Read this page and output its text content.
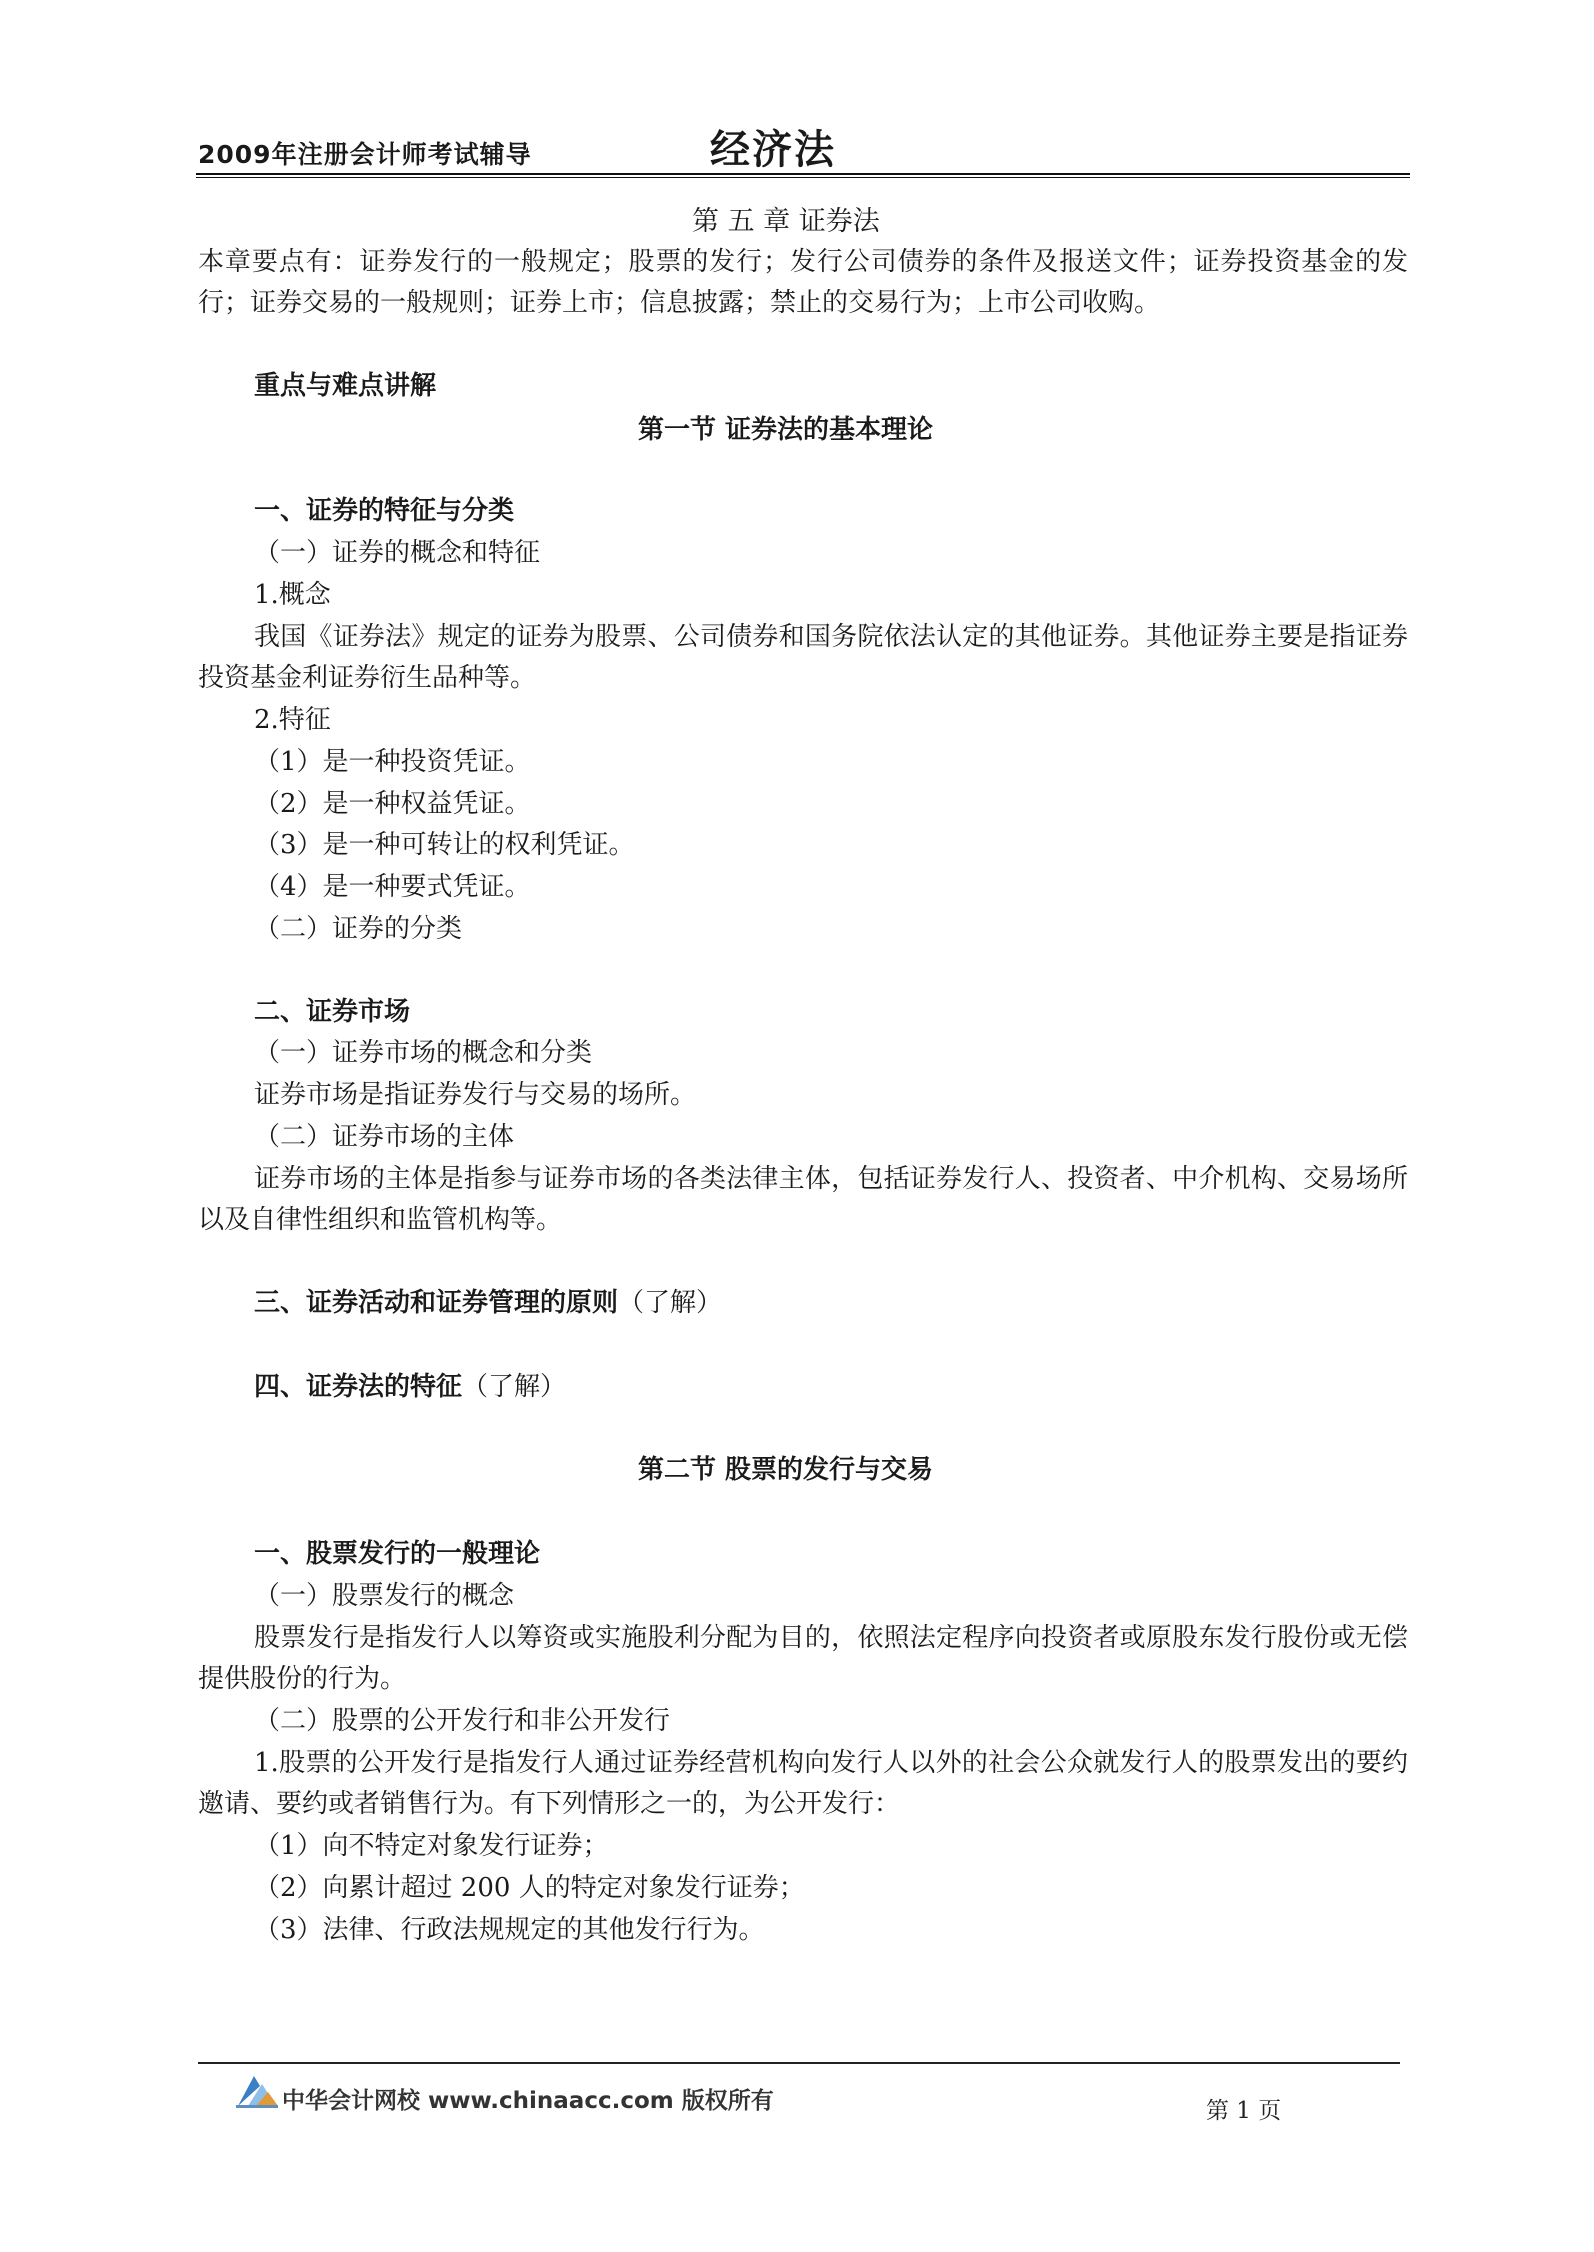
2009年注册会计师考试辅导	经济法
第 五 章 证券法
本章要点有：证券发行的一般规定；股票的发行；发行公司债券的条件及报送文件；证券投资基金的发行；证券交易的一般规则；证券上市；信息披露；禁止的交易行为；上市公司收购。
重点与难点讲解
第一节 证券法的基本理论
一、证券的特征与分类
（一）证券的概念和特征
1.概念
我国《证券法》规定的证券为股票、公司债券和国务院依法认定的其他证券。其他证券主要是指证券投资基金利证券衍生品种等。
2.特征
（1）是一种投资凭证。
（2）是一种权益凭证。
（3）是一种可转让的权利凭证。
（4）是一种要式凭证。
（二）证券的分类
二、证券市场
（一）证券市场的概念和分类
证券市场是指证券发行与交易的场所。
（二）证券市场的主体
证券市场的主体是指参与证券市场的各类法律主体，包括证券发行人、投资者、中介机构、交易场所以及自律性组织和监管机构等。
三、证券活动和证券管理的原则（了解）
四、证券法的特征（了解）
第二节 股票的发行与交易
一、股票发行的一般理论
（一）股票发行的概念
股票发行是指发行人以筹资或实施股利分配为目的，依照法定程序向投资者或原股东发行股份或无偿提供股份的行为。
（二）股票的公开发行和非公开发行
1.股票的公开发行是指发行人通过证券经营机构向发行人以外的社会公众就发行人的股票发出的要约邀请、要约或者销售行为。有下列情形之一的，为公开发行：
（1）向不特定对象发行证券；
（2）向累计超过 200 人的特定对象发行证券；
（3）法律、行政法规规定的其他发行行为。
中华会计网校 www.chinaacc.com 版权所有	第 1 页
